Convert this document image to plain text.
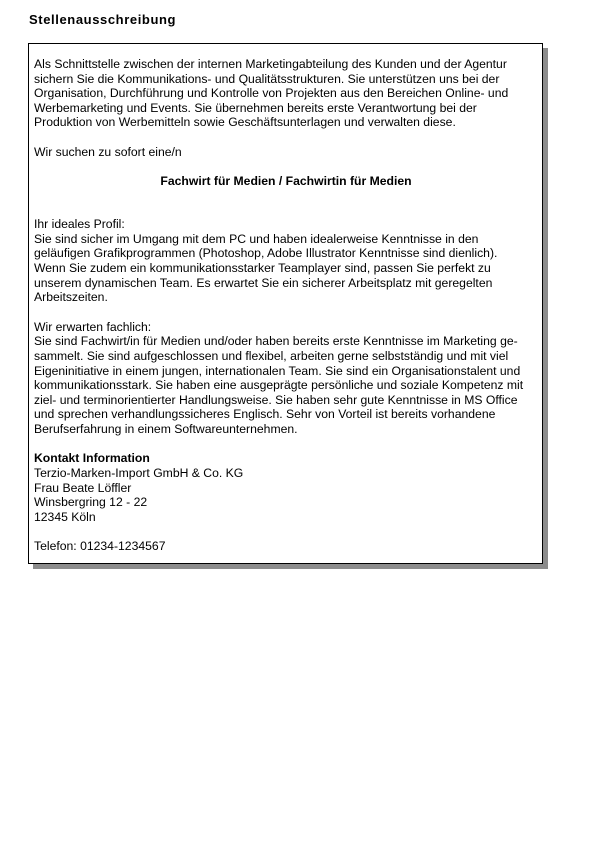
Stellenausschreibung

Als Schnittstelle zwischen der internen Marketingabteilung des Kunden und der Agentur
sichern Sie die Kommunikations- und Qualitätsstrukturen. Sie unterstützen uns bei der
Organisation, Durchführung und Kontrolle von Projekten aus den Bereichen Online- und
Werbemarketing und Events. Sie übernehmen bereits erste Verantwortung bei der
Produktion von Werbemitteln sowie Geschäftsunterlagen und verwalten diese.

Wir suchen zu sofort eine/n

Fachwirt für Medien / Fachwirtin für Medien

Ihr ideales Profil:

Sie sind sicher im Umgang mit dem PC und haben idealerweise Kenntnisse in den
geläufigen Grafikprogrammen (Photoshop, Adobe Illustrator Kenntnisse sind dienlich).
Wenn Sie zudem ein kommunikationsstarker Teamplayer sind, passen Sie perfekt zu
unserem dynamischen Team. Es erwartet Sie ein sicherer Arbeitsplatz mit geregelten
Arbeitszeiten.

Wir erwarten fachlich:

Sie sind Fachwirt/in für Medien und/oder haben bereits erste Kenntnisse im Marketing ge-
sammelt. Sie sind aufgeschlossen und flexibel, arbeiten gerne selbstständig und mit viel
Eigeninitiative in einem jungen, internationalen Team. Sie sind ein Organisationstalent und
kommunikationsstark. Sie haben eine ausgeprägte persönliche und soziale Kompetenz mit
ziel- und terminorientierter Handlungsweise. Sie haben sehr gute Kenntnisse in MS Office
und sprechen verhandlungssicheres Englisch. Sehr von Vorteil ist bereits vorhandene
Berufserfahrung in einem Softwareunternehmen.

Kontakt Information

Terzio-Marken-Import GmbH & Co. KG

Frau Beate Löffler

Winsbergring 12 - 22

12345 Köln

Telefon: 01234-1234567
